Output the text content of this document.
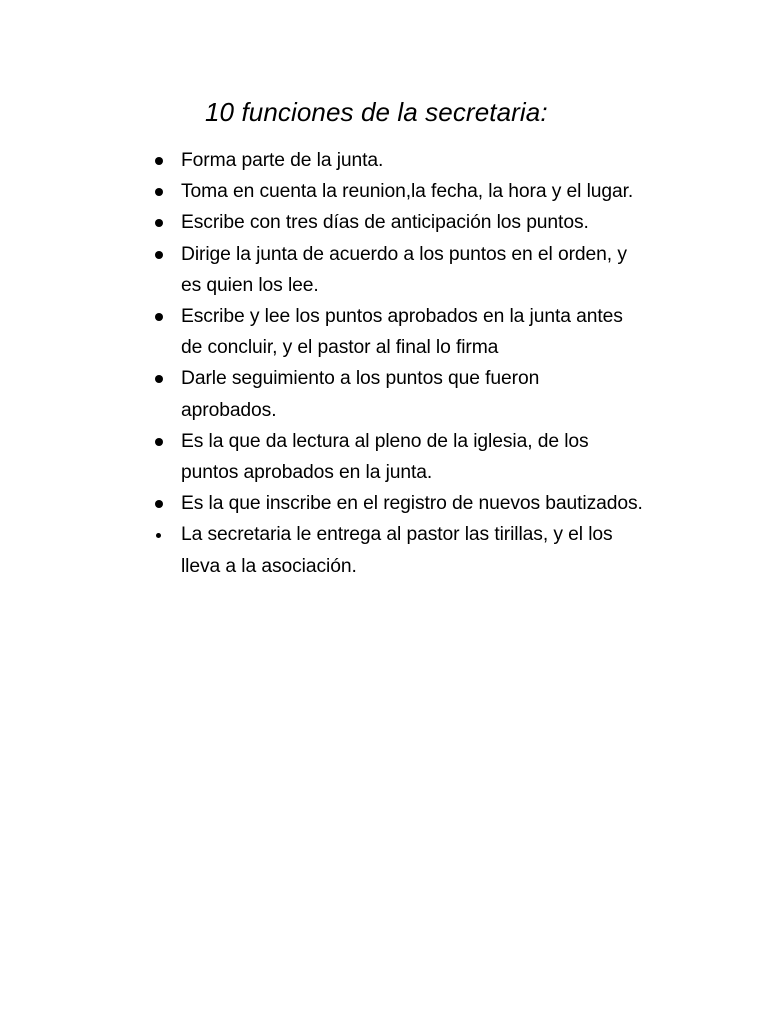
10 funciones de la secretaria:
Forma parte de la junta.
Toma en cuenta la reunion,la fecha, la hora y el lugar.
Escribe con tres días de anticipación los puntos.
Dirige la junta de acuerdo a los puntos en el orden, y
es quien los lee.
Escribe y lee los puntos aprobados en la junta antes
de concluir, y el pastor al final lo firma
Darle seguimiento a los puntos que fueron
aprobados.
Es la que da lectura al pleno de la iglesia, de los
puntos aprobados en la junta.
Es la que inscribe en el registro de nuevos bautizados.
La secretaria le entrega al pastor las tirillas, y el los
lleva a la asociación.
